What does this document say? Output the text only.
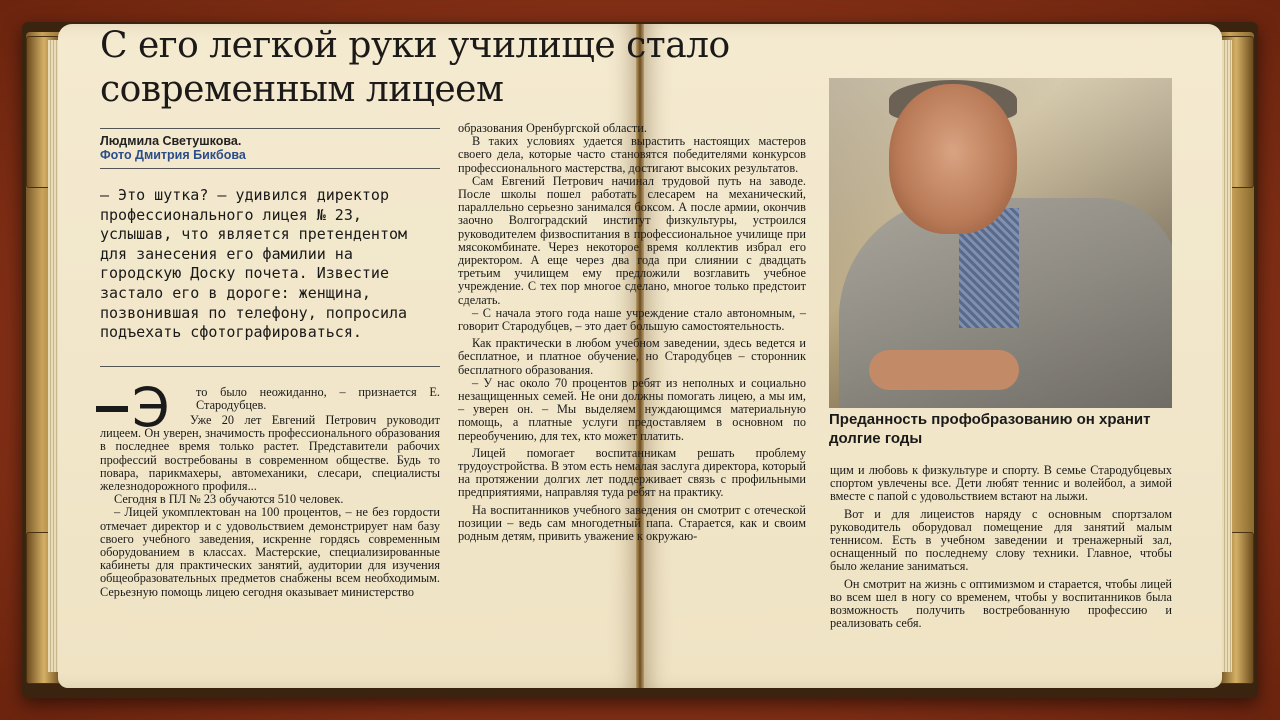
С его легкой руки училище стало современным лицеем
Людмила Светушкова.
Фото Дмитрия Бикбова

– Это шутка? – удивился директор профессионального лицея № 23, услышав, что является претендентом для занесения его фамилии на городскую Доску почета. Известие застало его в дороге: женщина, позвонившая по телефону, попросила подъехать сфотографироваться.

Э то было неожиданно, – признается Е. Стародубцев.

Уже 20 лет Евгений Петрович руководит лицеем. Он уверен, значимость профессионального образования в последнее время только растет. Представители рабочих профессий востребованы в современном обществе. Будь то повара, парикмахеры, автомеханики, слесари, специалисты железнодорожного профиля...

Сегодня в ПЛ № 23 обучаются 510 человек.

– Лицей укомплектован на 100 процентов, – не без гордости отмечает директор и с удовольствием демонстрирует нам базу своего учебного заведения, искренне гордясь современным оборудованием в классах. Мастерские, специализированные кабинеты для практических занятий, аудитории для изучения общеобразовательных предметов снабжены всем необходимым. Серьезную помощь лицею сегодня оказывает министерство

образования Оренбургской области.

В таких условиях удается вырастить настоящих мастеров своего дела, которые часто становятся победителями конкурсов профессионального мастерства, достигают высоких результатов.

Сам Евгений Петрович начинал трудовой путь на заводе. После школы пошел работать слесарем на механический, параллельно серьезно занимался боксом. А после армии, окончив заочно Волгоградский институт физкультуры, устроился руководителем физвоспитания в профессиональное училище при мясокомбинате. Через некоторое время коллектив избрал его директором. А еще через два года при слиянии с двадцать третьим училищем ему предложили возглавить учебное учреждение. С тех пор многое сделано, многое только предстоит сделать.

– С начала этого года наше учреждение стало автономным, – говорит Стародубцев, – это дает большую самостоятельность.

Как практически в любом учебном заведении, здесь ведется и бесплатное, и платное обучение, но Стародубцев – сторонник бесплатного образования.

– У нас около 70 процентов ребят из неполных и социально незащищенных семей. Не они должны помогать лицею, а мы им, – уверен он. – Мы выделяем нуждающимся материальную помощь, а платные услуги предоставляем в основном по переобучению, для тех, кто может платить.

Лицей помогает воспитанникам решать проблему трудоустройства. В этом есть немалая заслуга директора, который на протяжении долгих лет поддерживает связь с профильными предприятиями, направляя туда ребят на практику.

На воспитанников учебного заведения он смотрит с отеческой позиции – ведь сам многодетный папа. Старается, как и своим родным детям, привить уважение к окружаю-

Преданность профобразованию он хранит долгие годы

щим и любовь к физкультуре и спорту. В семье Стародубцевых спортом увлечены все. Дети любят теннис и волейбол, а зимой вместе с папой с удовольствием встают на лыжи.

Вот и для лицеистов наряду с основным спортзалом руководитель оборудовал помещение для занятий малым теннисом. Есть в учебном заведении и тренажерный зал, оснащенный по последнему слову техники. Главное, чтобы было желание заниматься.

Он смотрит на жизнь с оптимизмом и старается, чтобы лицей во всем шел в ногу со временем, чтобы у воспитанников была возможность получить востребованную профессию и реализовать себя.
